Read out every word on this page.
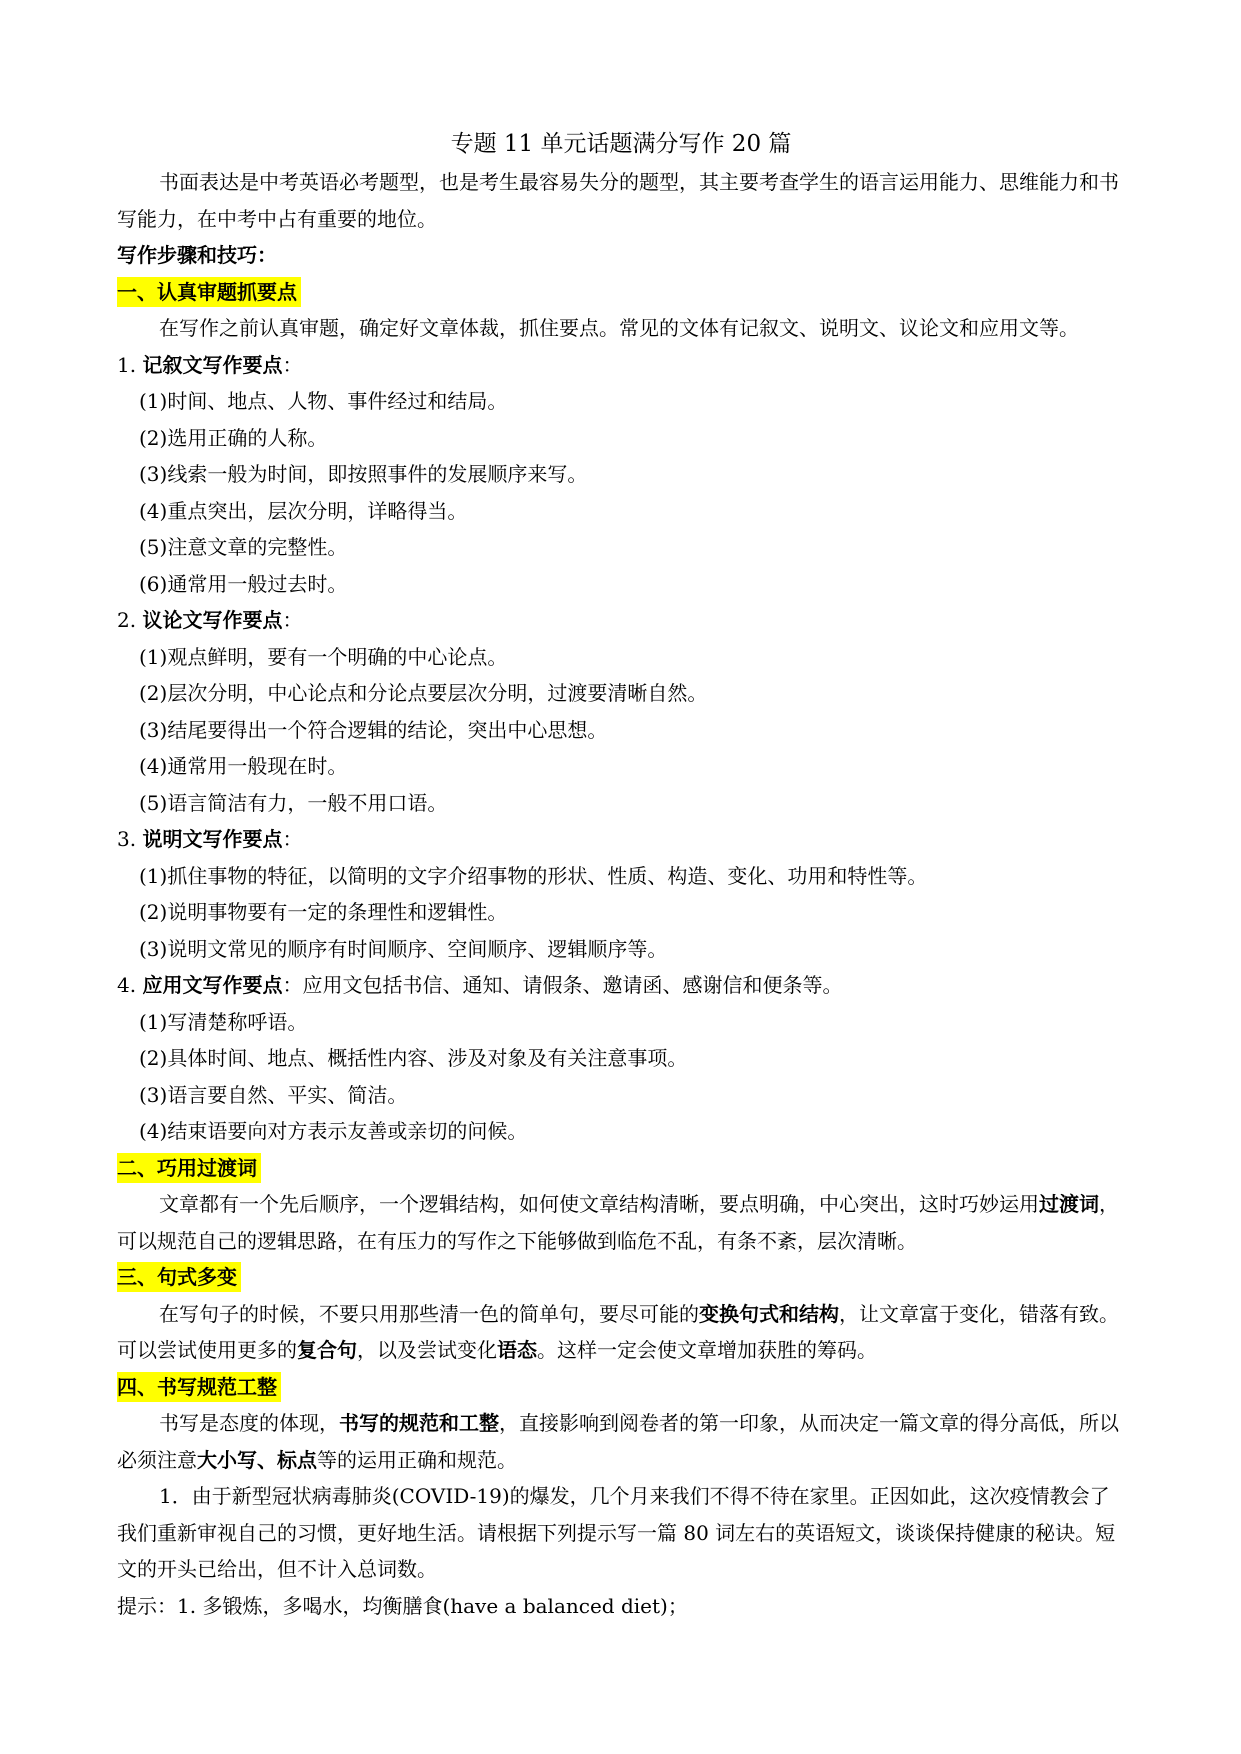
专题 11 单元话题满分写作 20 篇

书面表达是中考英语必考题型，也是考生最容易失分的题型，其主要考查学生的语言运用能力、思维能力和书写能力，在中考中占有重要的地位。

写作步骤和技巧：

一、认真审题抓要点

在写作之前认真审题，确定好文章体裁，抓住要点。常见的文体有记叙文、说明文、议论文和应用文等。

1. 记叙文写作要点：

(1)时间、地点、人物、事件经过和结局。

(2)选用正确的人称。

(3)线索一般为时间，即按照事件的发展顺序来写。

(4)重点突出，层次分明，详略得当。

(5)注意文章的完整性。

(6)通常用一般过去时。

2. 议论文写作要点：

(1)观点鲜明，要有一个明确的中心论点。

(2)层次分明，中心论点和分论点要层次分明，过渡要清晰自然。

(3)结尾要得出一个符合逻辑的结论，突出中心思想。

(4)通常用一般现在时。

(5)语言简洁有力，一般不用口语。

3. 说明文写作要点：

(1)抓住事物的特征，以简明的文字介绍事物的形状、性质、构造、变化、功用和特性等。

(2)说明事物要有一定的条理性和逻辑性。

(3)说明文常见的顺序有时间顺序、空间顺序、逻辑顺序等。

4. 应用文写作要点：应用文包括书信、通知、请假条、邀请函、感谢信和便条等。

(1)写清楚称呼语。

(2)具体时间、地点、概括性内容、涉及对象及有关注意事项。

(3)语言要自然、平实、简洁。

(4)结束语要向对方表示友善或亲切的问候。

二、巧用过渡词

文章都有一个先后顺序，一个逻辑结构，如何使文章结构清晰，要点明确，中心突出，这时巧妙运用过渡词，可以规范自己的逻辑思路，在有压力的写作之下能够做到临危不乱，有条不紊，层次清晰。

三、句式多变

在写句子的时候，不要只用那些清一色的简单句，要尽可能的变换句式和结构，让文章富于变化，错落有致。可以尝试使用更多的复合句，以及尝试变化语态。这样一定会使文章增加获胜的筹码。

四、书写规范工整

书写是态度的体现，书写的规范和工整，直接影响到阅卷者的第一印象，从而决定一篇文章的得分高低，所以必须注意大小写、标点等的运用正确和规范。

1．由于新型冠状病毒肺炎(COVID-19)的爆发，几个月来我们不得不待在家里。正因如此，这次疫情教会了我们重新审视自己的习惯，更好地生活。请根据下列提示写一篇 80 词左右的英语短文，谈谈保持健康的秘诀。短文的开头已给出，但不计入总词数。

提示：1. 多锻炼，多喝水，均衡膳食(have a balanced diet)；
